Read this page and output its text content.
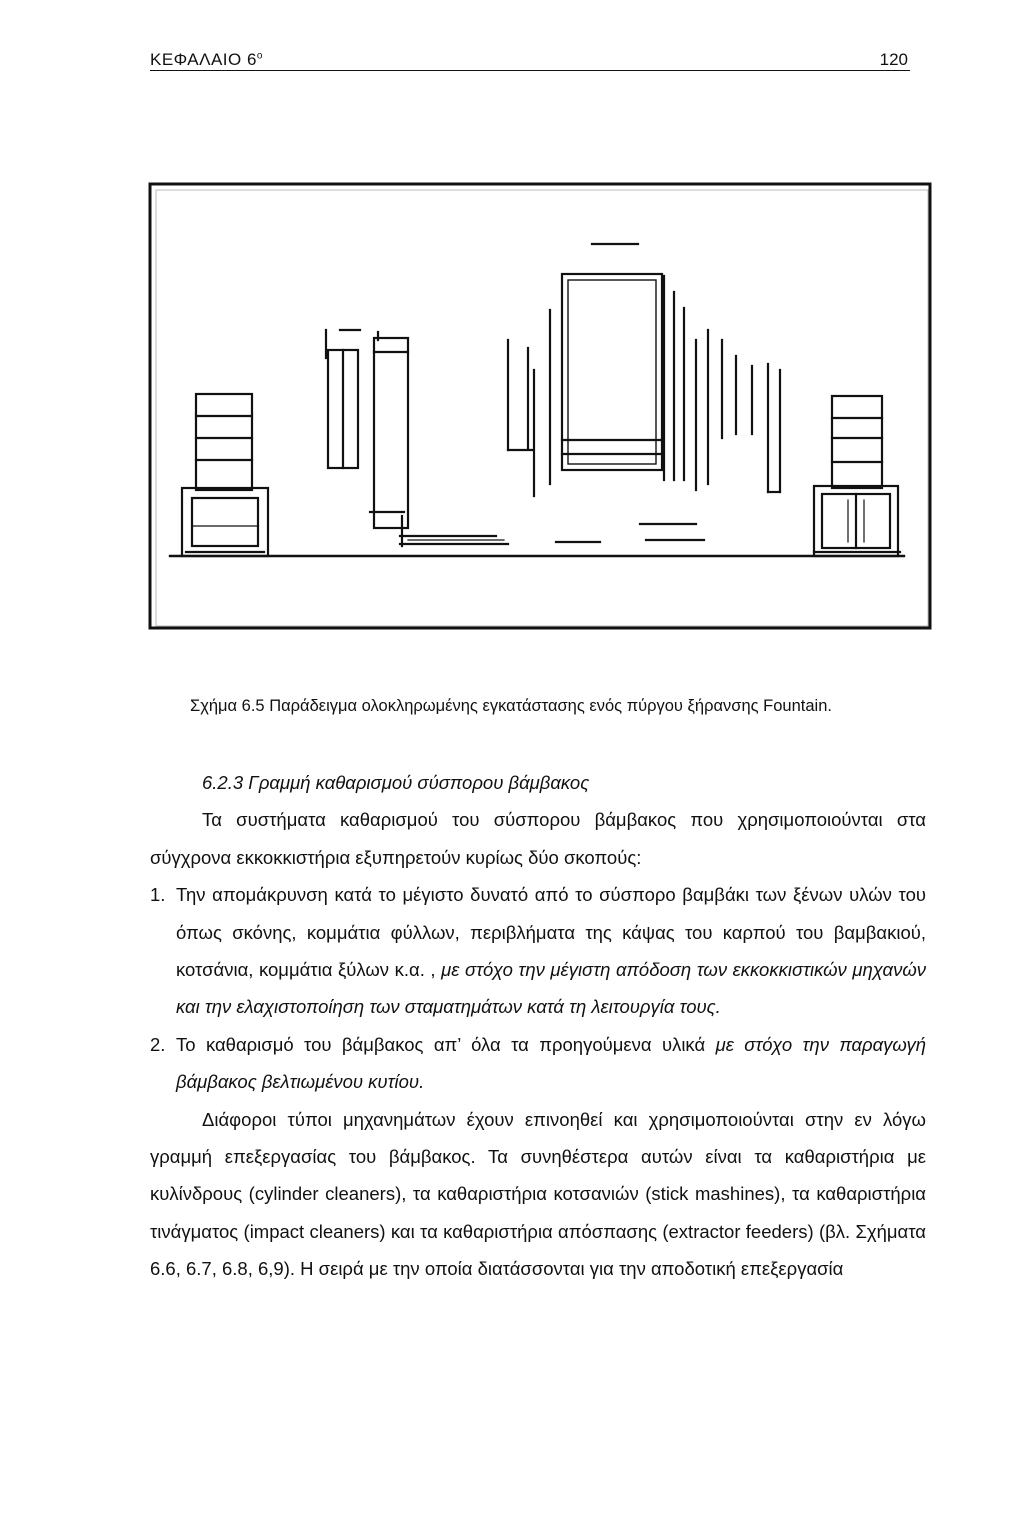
ΚΕΦΑΛΑΙΟ $6^o$	120
Σχήμα 6.5 Παράδειγμα ολοκληρωμένης εγκατάστασης ενός πύργου ξήρανσης Fountain.

6.2.3 Γραμμή καθαρισμού σύσπορου βάμβακος

Τα συστήματα καθαρισμού του σύσπορου βάμβακος που χρησιμοποιούνται στα σύγχρονα εκκοκκιστήρια εξυπηρετούν κυρίως δύο σκοπούς:

1. Την απομάκρυνση κατά το μέγιστο δυνατό από το σύσπορο βαμβάκι των ξένων υλών του όπως σκόνης, κομμάτια φύλλων, περιβλήματα της κάψας του καρπού του βαμβακιού, κοτσάνια, κομμάτια ξύλων κ.α. , με στόχο την μέγιστη απόδοση των εκκοκκιστικών μηχανών και την ελαχιστοποίηση των σταματημάτων κατά τη λειτουργία τους.
2. Το καθαρισμό του βάμβακος απ’ όλα τα προηγούμενα υλικά με στόχο την παραγωγή βάμβακος βελτιωμένου κυτίου.

Διάφοροι τύποι μηχανημάτων έχουν επινοηθεί και χρησιμοποιούνται στην εν λόγω γραμμή επεξεργασίας του βάμβακος. Τα συνηθέστερα αυτών είναι τα καθαριστήρια με κυλίνδρους (cylinder cleaners), τα καθαριστήρια κοτσανιών (stick mashines), τα καθαριστήρια τινάγματος (impact cleaners) και τα καθαριστήρια απόσπασης (extractor feeders) (βλ. Σχήματα 6.6, 6.7, 6.8, 6,9). Η σειρά με την οποία διατάσσονται για την αποδοτική επεξεργασία
